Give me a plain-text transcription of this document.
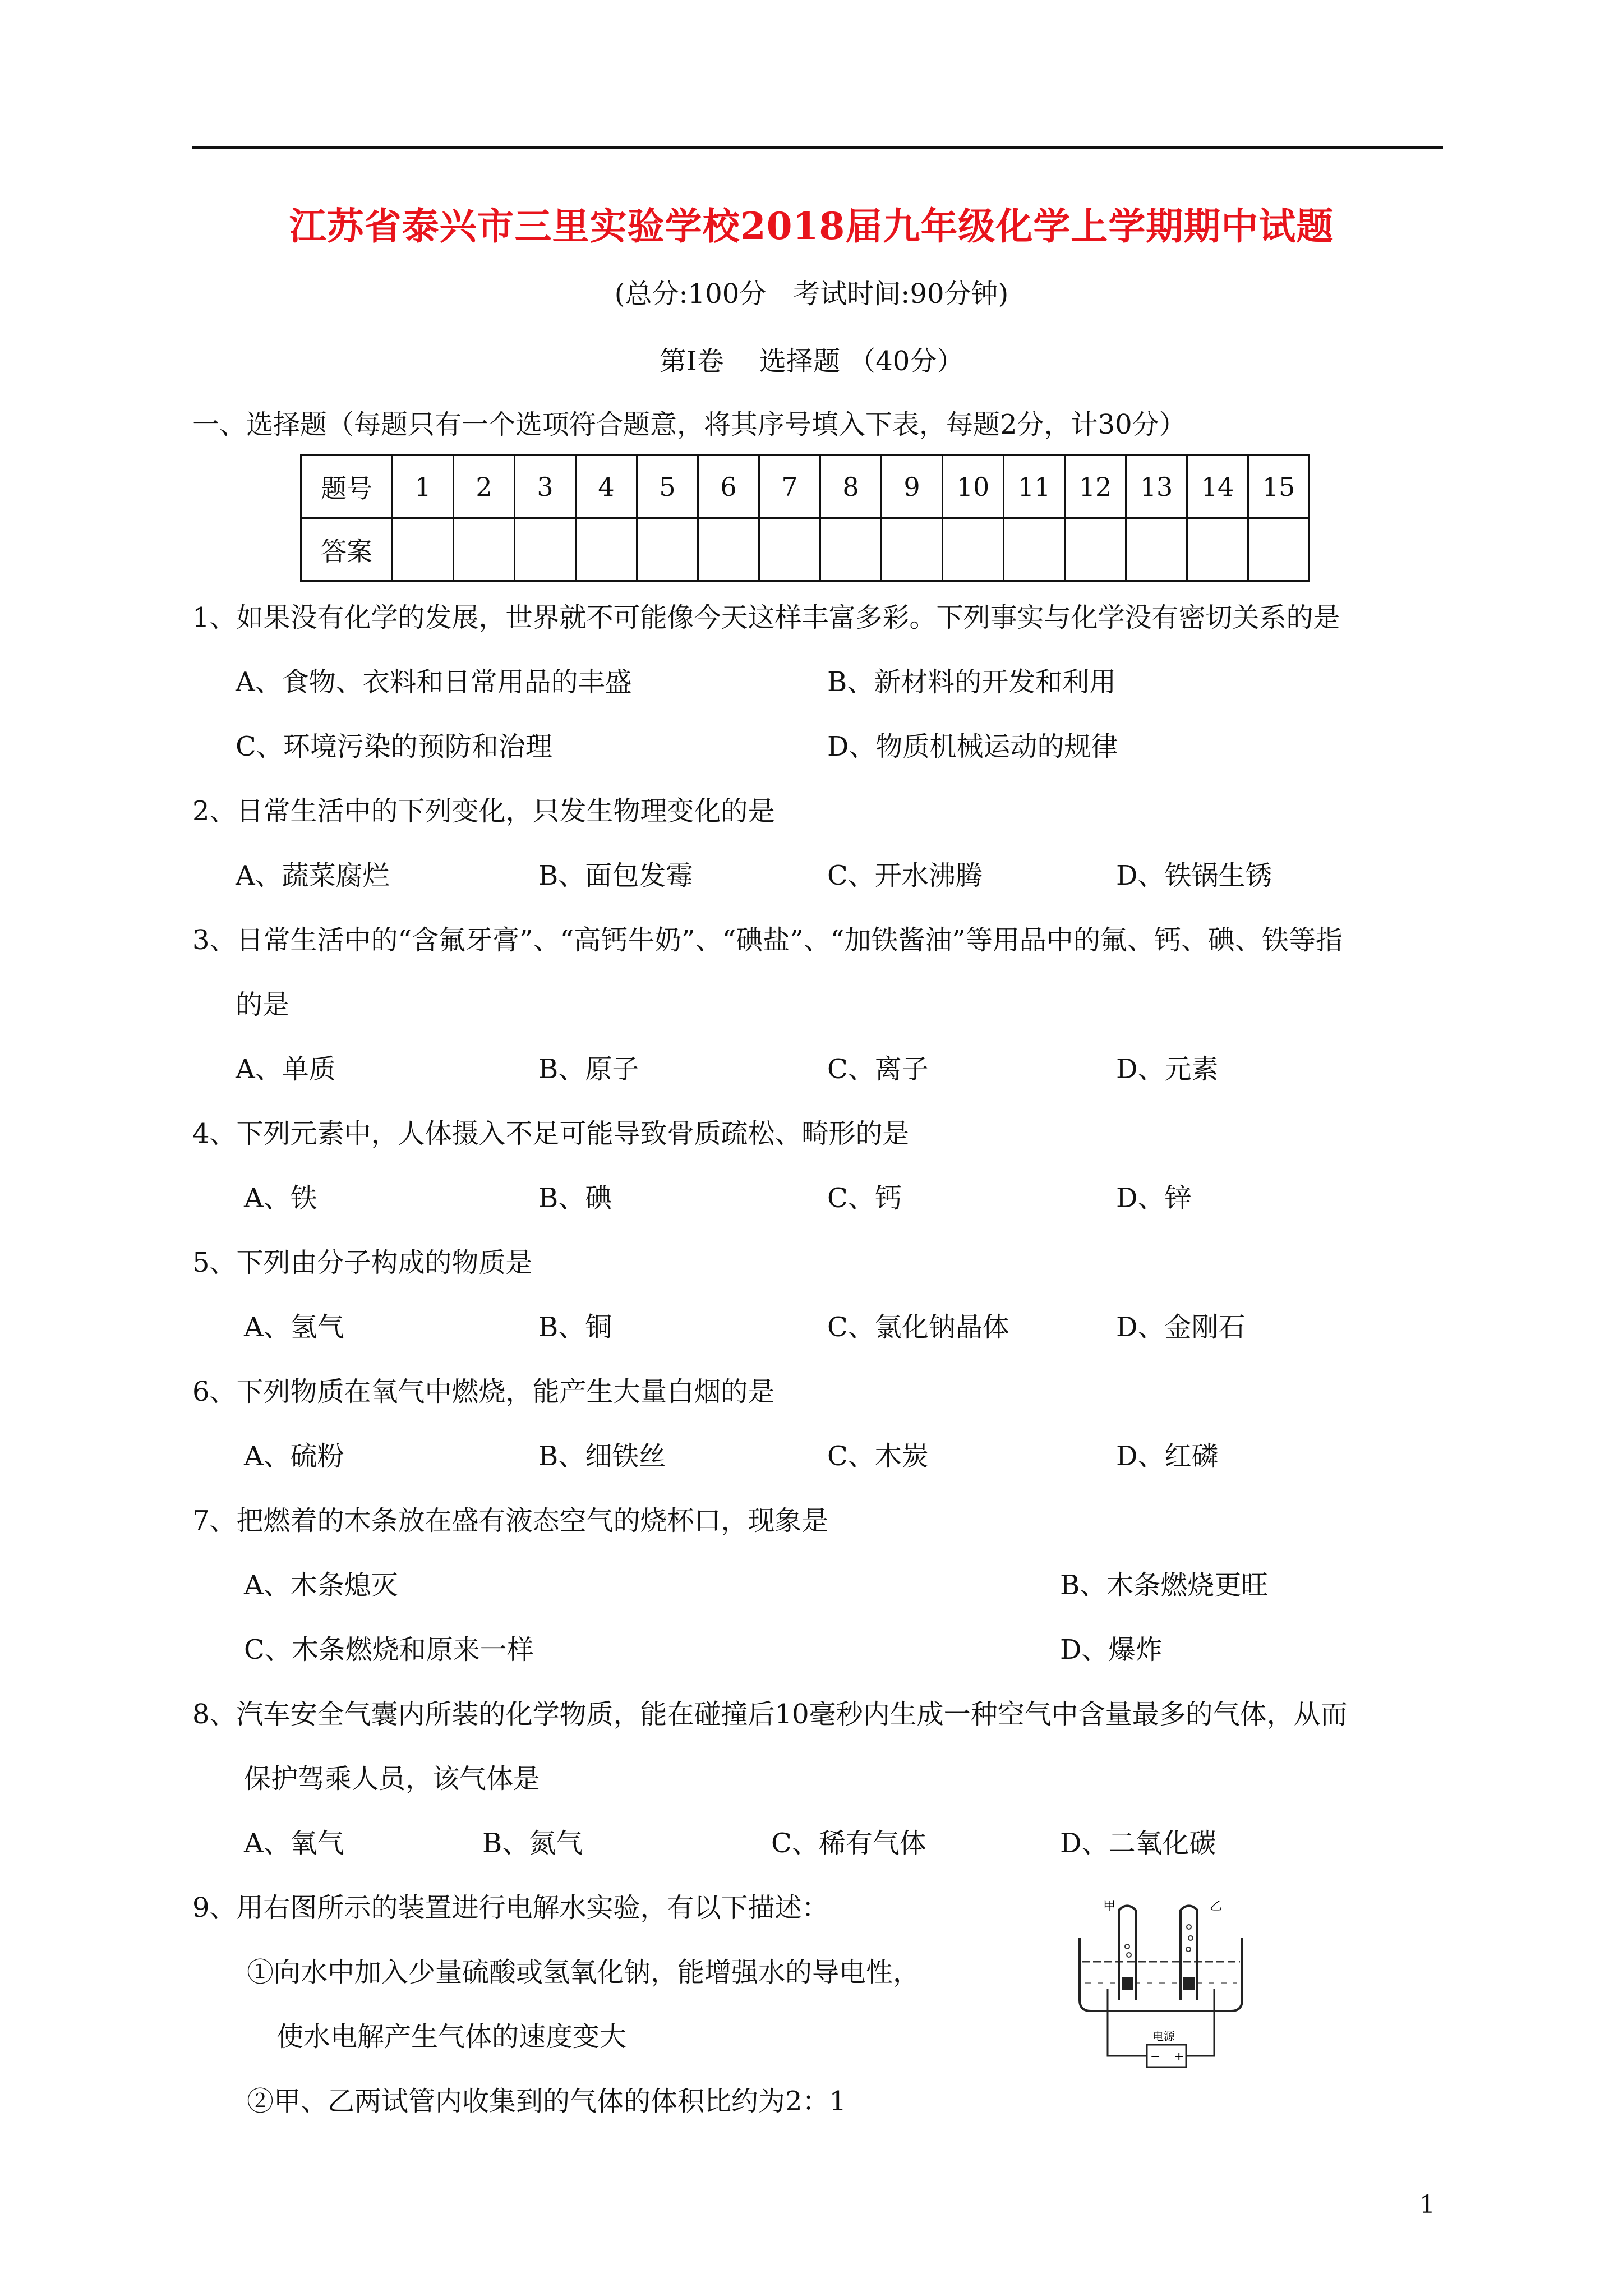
江苏省泰兴市三里实验学校2018届九年级化学上学期期中试题
(总分:100分　考试时间:90分钟)
第Ⅰ卷　 选择题 （40分）
一、选择题（每题只有一个选项符合题意，将其序号填入下表，每题2分，计30分）
题号	1	2	3	4	5	6	7	8	9	10	11	12	13	14	15
答案															
1、如果没有化学的发展，世界就不可能像今天这样丰富多彩。下列事实与化学没有密切关系的是
A、食物、衣料和日常用品的丰盛	B、新材料的开发和利用
C、环境污染的预防和治理	D、物质机械运动的规律
2、日常生活中的下列变化，只发生物理变化的是
A、蔬菜腐烂	B、面包发霉	C、开水沸腾	D、铁锅生锈
3、日常生活中的“含氟牙膏”、“高钙牛奶”、“碘盐”、“加铁酱油”等用品中的氟、钙、碘、铁等指
的是
A、单质	B、原子	C、离子	D、元素
4、下列元素中，人体摄入不足可能导致骨质疏松、畸形的是
A、铁	B、碘	C、钙	D、锌
5、下列由分子构成的物质是
A、氢气	B、铜	C、氯化钠晶体	D、金刚石
6、下列物质在氧气中燃烧，能产生大量白烟的是
A、硫粉	B、细铁丝	C、木炭	D、红磷
7、把燃着的木条放在盛有液态空气的烧杯口，现象是
A、木条熄灭	B、木条燃烧更旺
C、木条燃烧和原来一样	D、爆炸
8、汽车安全气囊内所装的化学物质，能在碰撞后10毫秒内生成一种空气中含量最多的气体，从而
保护驾乘人员，该气体是
A、氧气	B、氮气	C、稀有气体	D、二氧化碳
9、用右图所示的装置进行电解水实验，有以下描述：
①向水中加入少量硫酸或氢氧化钠，能增强水的导电性，
使水电解产生气体的速度变大
②甲、乙两试管内收集到的气体的体积比约为2：1
甲	乙
电源
− +
1
